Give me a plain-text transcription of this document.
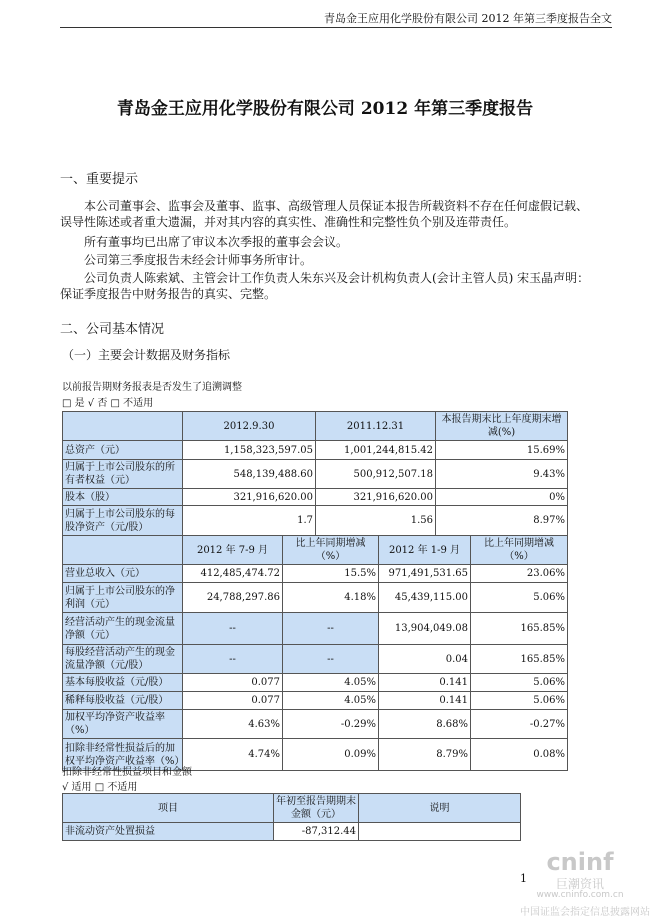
青岛金王应用化学股份有限公司 2012 年第三季度报告全文
青岛金王应用化学股份有限公司 2012 年第三季度报告
一、重要提示
本公司董事会、监事会及董事、监事、高级管理人员保证本报告所载资料不存在任何虚假记载、误导性陈述或者重大遗漏，并对其内容的真实性、准确性和完整性负个别及连带责任。
所有董事均已出席了审议本次季报的董事会会议。
公司第三季度报告未经会计师事务所审计。
公司负责人陈索斌、主管会计工作负责人朱东兴及会计机构负责人(会计主管人员) 宋玉晶声明：保证季度报告中财务报告的真实、完整。
二、公司基本情况
（一）主要会计数据及财务指标
以前报告期财务报表是否发生了追溯调整
□ 是 √ 否 □ 不适用
	2012.9.30		2011.12.31		本报告期末比上年度期末增减(%)	
总资产（元）	1,158,323,597.05		1,001,244,815.42		15.69%	
归属于上市公司股东的所有者权益（元）	548,139,488.60		500,912,507.18		9.43%	
股本（股）	321,916,620.00		321,916,620.00		0%	
归属于上市公司股东的每股净资产（元/股）	1.7		1.56		8.97%	
	2012 年 7-9 月	比上年同期增减（%）		2012 年 1-9 月		比上年同期增减（%）
营业总收入（元）	412,485,474.72	15.5%		971,491,531.65		23.06%
归属于上市公司股东的净利润（元）	24,788,297.86	4.18%		45,439,115.00		5.06%
经营活动产生的现金流量净额（元）	--	--		13,904,049.08		165.85%
每股经营活动产生的现金流量净额（元/股）	--	--		0.04		165.85%
基本每股收益（元/股）	0.077	4.05%		0.141		5.06%
稀释每股收益（元/股）	0.077	4.05%		0.141		5.06%
加权平均净资产收益率（%）	4.63%	-0.29%		8.68%		-0.27%
扣除非经常性损益后的加权平均净资产收益率（%）	4.74%	0.09%		8.79%		0.08%
扣除非经常性损益项目和金额
√ 适用 □ 不适用
项目	年初至报告期期末金额（元）	说明
非流动资产处置损益	-87,312.44	
cninf
巨潮资讯
1
www.cninfo.com.cn
中国证监会指定信息披露网站
